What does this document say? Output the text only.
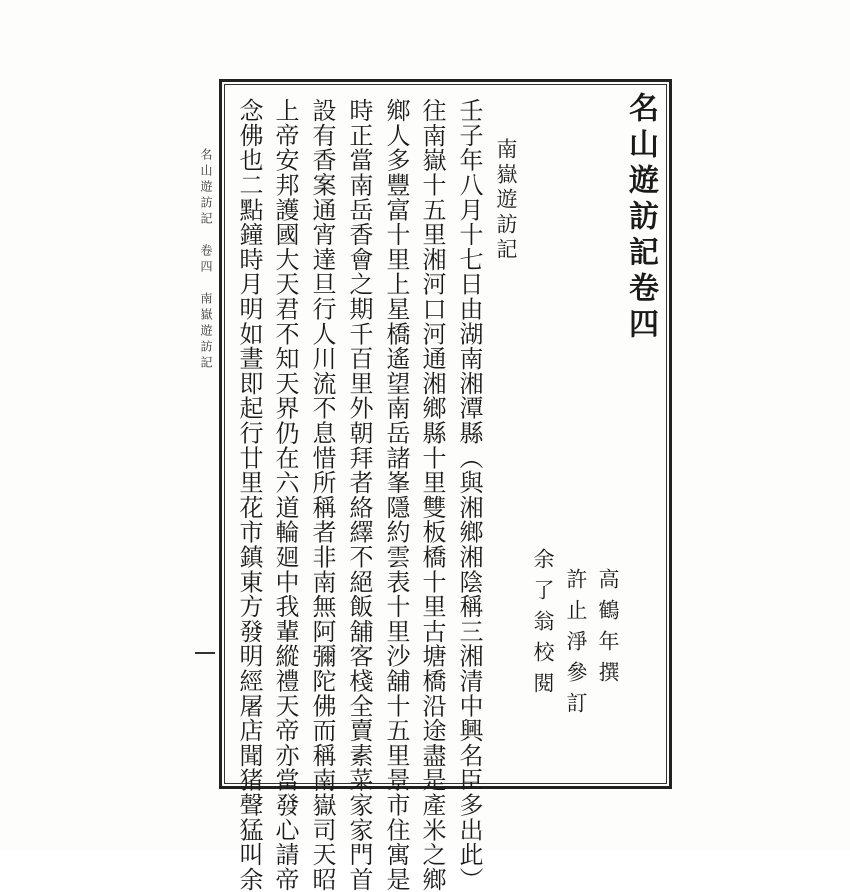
名山遊訪記卷四
南嶽遊訪記
高鶴年撰
許止淨參訂
余了翁校閱
壬子年八月十七日由湖南湘潭縣（與湘鄉湘陰稱三湘清中興名臣多出此）
往南嶽十五里湘河口河通湘鄉縣十里雙板橋十里古塘橋沿途盡是產米之鄉
鄉人多豐富十里上星橋遙望南岳諸峯隱約雲表十里沙舖十五里景市住寓是
時正當南岳香會之期千百里外朝拜者絡繹不絕飯舖客棧全賣素菜家家門首
設有香案通宵達旦行人川流不息惜所稱者非南無阿彌陀佛而稱南嶽司天昭
上帝安邦護國大天君不知天界仍在六道輪廻中我輩縱禮天帝亦當發心請帝
念佛也二點鐘時月明如晝即起行廿里花市鎮東方發明經屠店聞猪聲猛叫余
名山遊訪記　卷四　南嶽遊訪記
